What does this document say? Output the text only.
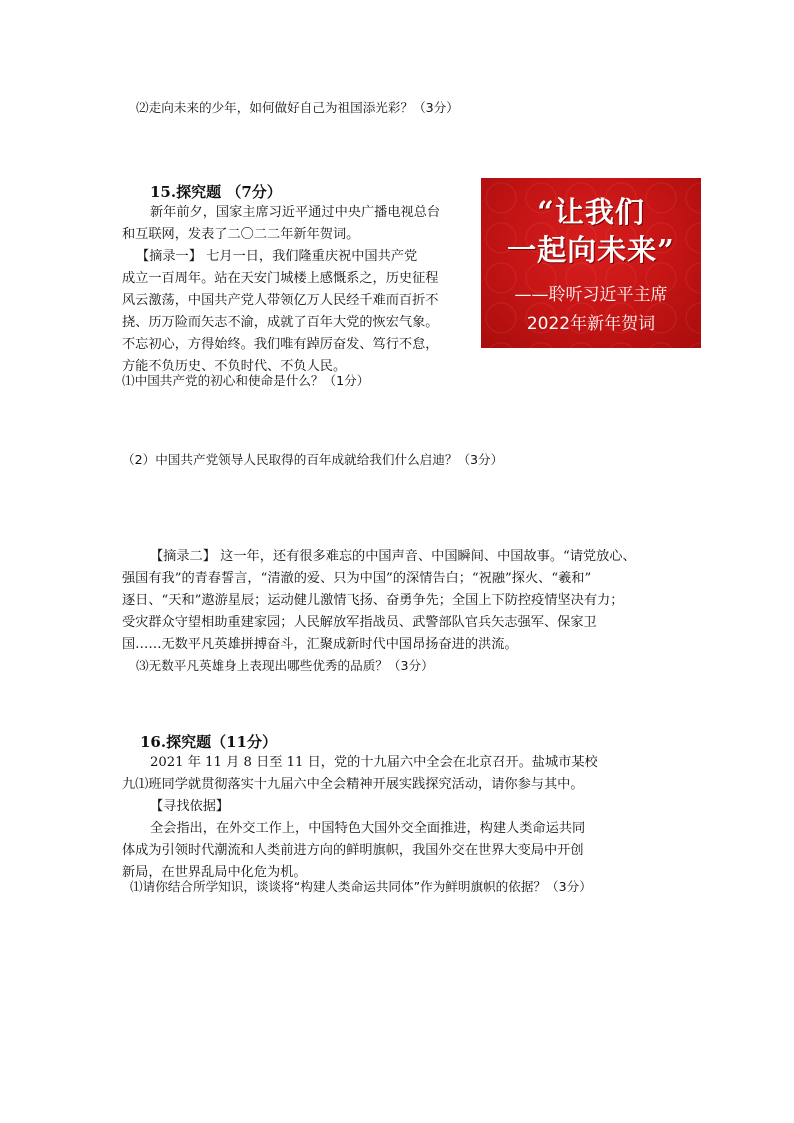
⑵走向未来的少年，如何做好自己为祖国添光彩？（3分）
15.探究题 （7分）
新年前夕，国家主席习近平通过中央广播电视总台
和互联网，发表了二〇二二年新年贺词。
【摘录一】 七月一日，我们隆重庆祝中国共产党
成立一百周年。站在天安门城楼上感慨系之，历史征程
风云激荡，中国共产党人带领亿万人民经千难而百折不
挠、历万险而矢志不渝，成就了百年大党的恢宏气象。
不忘初心，方得始终。我们唯有踔厉奋发、笃行不怠，
方能不负历史、不负时代、不负人民。
⑴中国共产党的初心和使命是什么？（1分）
“让我们
一起向未来”
——聆听习近平主席
2022年新年贺词
（2）中国共产党领导人民取得的百年成就给我们什么启迪？（3分）
【摘录二】 这一年，还有很多难忘的中国声音、中国瞬间、中国故事。“请党放心、
强国有我”的青春誓言，“清澈的爱、只为中国”的深情告白；“祝融”探火、“羲和”
逐日、“天和”遨游星辰；运动健儿激情飞扬、奋勇争先；全国上下防控疫情坚决有力；
受灾群众守望相助重建家园；人民解放军指战员、武警部队官兵矢志强军、保家卫
国……无数平凡英雄拼搏奋斗，汇聚成新时代中国昂扬奋进的洪流。
⑶无数平凡英雄身上表现出哪些优秀的品质？（3分）
16.探究题（11分）
2021 年 11 月 8 日至 11 日，党的十九届六中全会在北京召开。盐城市某校
九⑴班同学就贯彻落实十九届六中全会精神开展实践探究活动，请你参与其中。
【寻找依据】
全会指出，在外交工作上，中国特色大国外交全面推进，构建人类命运共同
体成为引领时代潮流和人类前进方向的鲜明旗帜，我国外交在世界大变局中开创
新局，在世界乱局中化危为机。
⑴请你结合所学知识，谈谈将“构建人类命运共同体”作为鲜明旗帜的依据？（3分）
